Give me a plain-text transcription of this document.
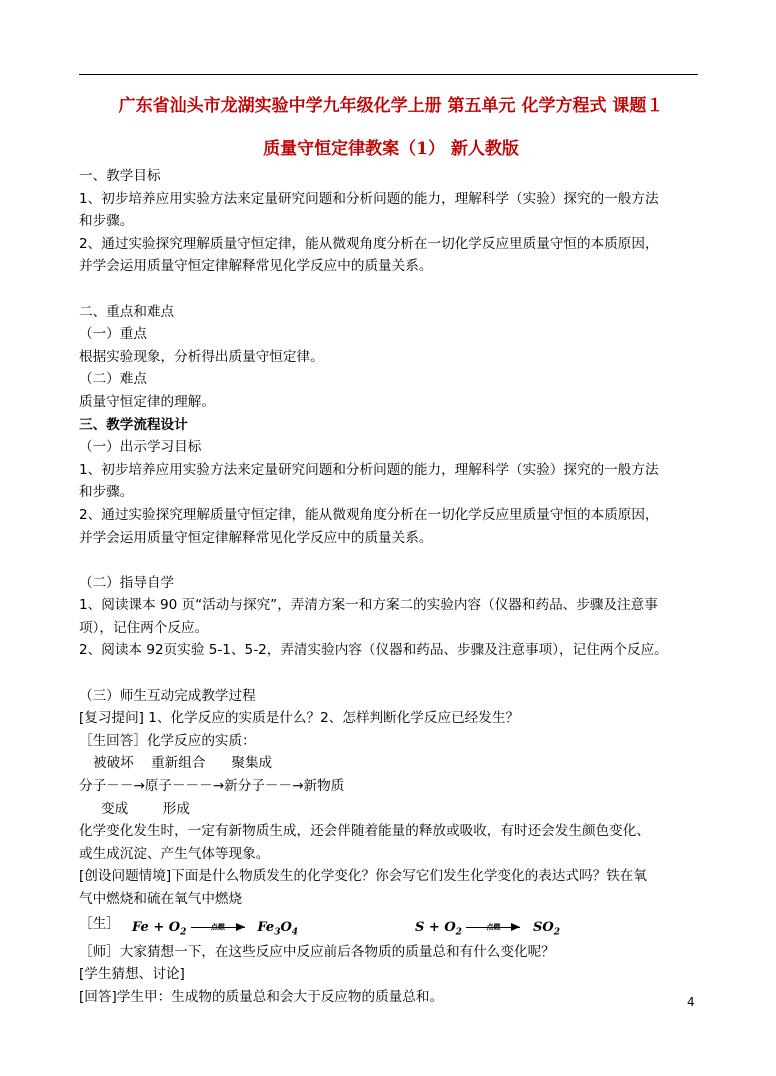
广东省汕头市龙湖实验中学九年级化学上册 第五单元 化学方程式 课题１
质量守恒定律教案（1） 新人教版
一、教学目标
1、初步培养应用实验方法来定量研究问题和分析问题的能力，理解科学（实验）探究的一般方法
和步骤。
2、通过实验探究理解质量守恒定律，能从微观角度分析在一切化学反应里质量守恒的本质原因，
并学会运用质量守恒定律解释常见化学反应中的质量关系。
二、重点和难点
（一）重点
根据实验现象，分析得出质量守恒定律。
（二）难点
质量守恒定律的理解。
三、教学流程设计
（一）出示学习目标
1、初步培养应用实验方法来定量研究问题和分析问题的能力，理解科学（实验）探究的一般方法
和步骤。
2、通过实验探究理解质量守恒定律，能从微观角度分析在一切化学反应里质量守恒的本质原因，
并学会运用质量守恒定律解释常见化学反应中的质量关系。
（二）指导自学
1、阅读课本 90 页“活动与探究”，弄清方案一和方案二的实验内容（仪器和药品、步骤及注意事
项），记住两个反应。
2、阅读本 92页实验 5-1、5-2，弄清实验内容（仪器和药品、步骤及注意事项），记住两个反应。
（三）师生互动完成教学过程
[复习提问] 1、化学反应的实质是什么？2、怎样判断化学反应已经发生？
［生回答］化学反应的实质：
被破坏    重新组合      聚集成
分子－－→原子－－－→新分子－－→新物质
变成        形成
化学变化发生时，一定有新物质生成，还会伴随着能量的释放或吸收，有时还会发生颜色变化、
或生成沉淀、产生气体等现象。
[创设问题情境]下面是什么物质发生的化学变化？你会写它们发生化学变化的表达式吗？铁在氧
气中燃烧和硫在氧气中燃烧
［生］ $Fe + O_2$
点燃	$Fe_3O_4$	$S + O_2$
点燃	$SO_2$
［师］大家猜想一下，在这些反应中反应前后各物质的质量总和有什么变化呢？
[学生猜想、讨论]
[回答]学生甲：生成物的质量总和会大于反应物的质量总和。	4
